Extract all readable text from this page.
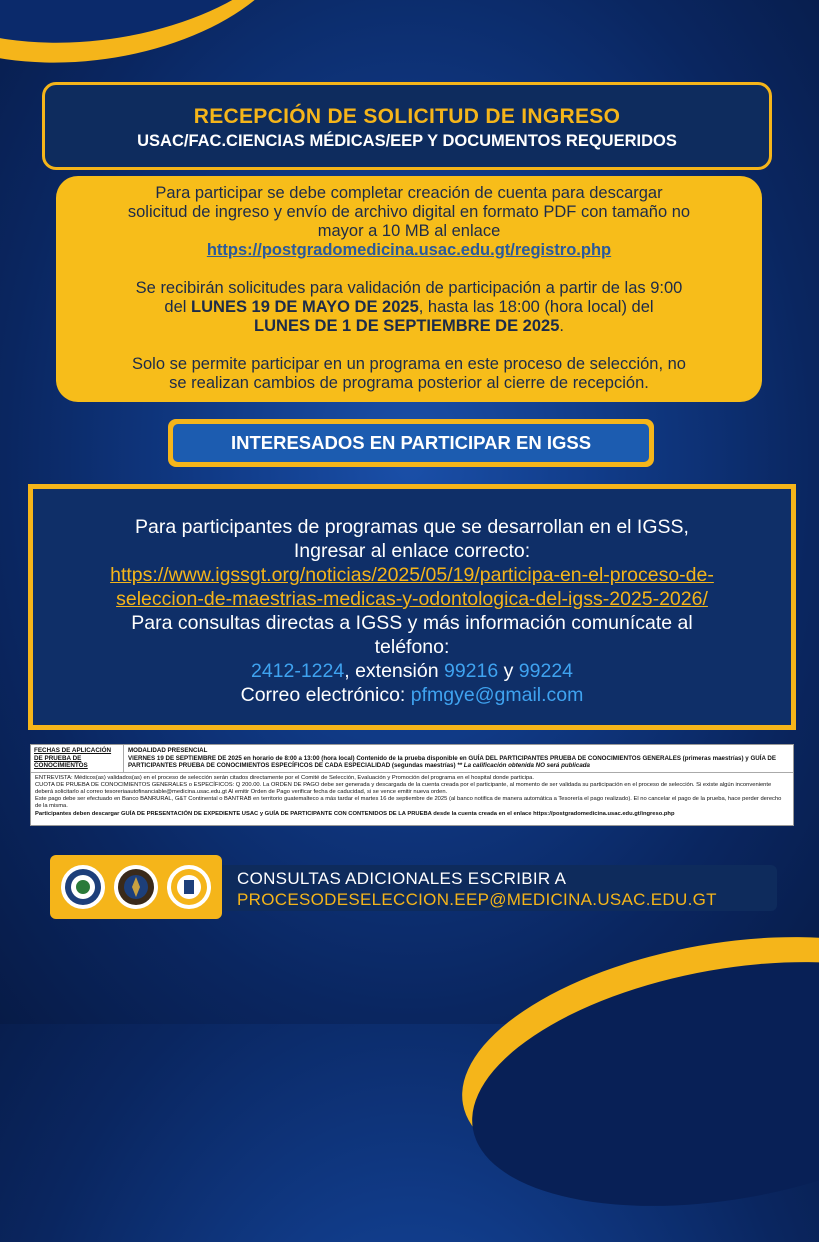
RECEPCIÓN DE SOLICITUD DE INGRESO
USAC/FAC.CIENCIAS MÉDICAS/EEP Y DOCUMENTOS REQUERIDOS

Para participar se debe completar creación de cuenta para descargar

solicitud de ingreso y envío de archivo digital en formato PDF con tamaño no

mayor a 10 MB al enlace

https://postgradomedicina.usac.edu.gt/registro.php

Se recibirán solicitudes para validación de participación a partir de las 9:00

del LUNES 19 DE MAYO DE 2025, hasta las 18:00 (hora local) del

LUNES DE 1 DE SEPTIEMBRE DE 2025.

Solo se permite participar en un programa en este proceso de selección, no

se realizan cambios de programa posterior al cierre de recepción.

INTERESADOS EN PARTICIPAR EN IGSS

Para participantes de programas que se desarrollan en el IGSS,

Ingresar al enlace correcto:

https://www.igssgt.org/noticias/2025/05/19/participa-en-el-proceso-de-

seleccion-de-maestrias-medicas-y-odontologica-del-igss-2025-2026/

Para consultas directas a IGSS y más información comunícate al

teléfono:

2412-1224, extensión 99216 y 99224

Correo electrónico: pfmgye@gmail.com

FECHAS DE APLICACIÓN DE PRUEBA DE CONOCIMIENTOS
MODALIDAD PRESENCIAL
VIERNES 19 DE SEPTIEMBRE DE 2025 en horario de 8:00 a 13:00 (hora local) Contenido de la prueba disponible en GUÍA DEL PARTICIPANTES PRUEBA DE CONOCIMIENTOS GENERALES (primeras maestrías) y GUÍA DE PARTICIPANTES PRUEBA DE CONOCIMIENTOS ESPECÍFICOS DE CADA ESPECIALIDAD (segundas maestrías) ** La calificación obtenida NO será publicada

ENTREVISTA: Médicos(as) validados(as) en el proceso de selección serán citados directamente por el Comité de Selección, Evaluación y Promoción del programa en el hospital donde participa.

CUOTA DE PRUEBA DE CONOCIMIENTOS GENERALES o ESPECÍFICOS: Q 200.00. La ORDEN DE PAGO debe ser generada y descargada de la cuenta creada por el participante, al momento de ser validada su participación en el proceso de selección. Si existe algún inconveniente deberá solicitarlo al correo tesoreriaautofinanciable@medicina.usac.edu.gt Al emitir Orden de Pago verificar fecha de caducidad, si se vence emitir nueva orden.

Este pago debe ser efectuado en Banco BANRURAL, G&T Continental o BANTRAB en territorio guatemalteco a más tardar el martes 16 de septiembre de 2025 (al banco notifica de manera automática a Tesorería el pago realizado). El no cancelar el pago de la prueba, hace perder derecho de la misma.

Participantes deben descargar GUÍA DE PRESENTACIÓN DE EXPEDIENTE USAC y GUÍA DE PARTICIPANTE CON CONTENIDOS DE LA PRUEBA desde la cuenta creada en el enlace https://postgradomedicina.usac.edu.gt/ingreso.php

CONSULTAS ADICIONALES ESCRIBIR A
PROCESODESELECCION.EEP@MEDICINA.USAC.EDU.GT
